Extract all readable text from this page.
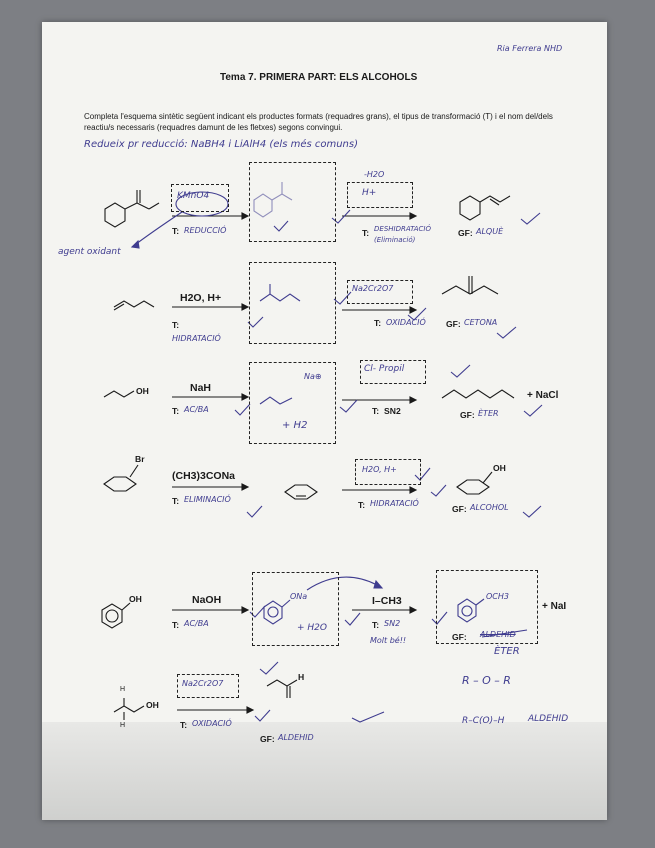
Ria Ferrera NHD
Tema 7. PRIMERA PART: ELS ALCOHOLS
Completa l'esquema sintètic següent indicant els productes formats (requadres grans), el tipus de transformació (T) i el nom del/dels reactiu/s necessaris (requadres damunt de les fletxes) segons convingui.
Redueix pr reducció: NaBH4 i LiAlH4 (els més comuns)
KMnO4
agent oxidant
T: REDUCCIÓ
-H2O
H+
T: DESHIDRATACIÓ (Eliminació)
GF: ALQUÈ
H2O, H+
T:
HIDRATACIÓ
Na2Cr2O7
T: OXIDACIÓ GF: CETONA
OH	NaH
T: AC/BA
Na⊕
+ H2
Cl- Propil
T: SN2
+ NaCl
GF: ÈTER
Br
(CH3)3CONa
T: ELIMINACIÓ
H2O, H+
T: HIDRATACIÓ
OH
GF: ALCOHOL
OH	NaOH
T: AC/BA
ONa
+ H2O
I–CH3
T: SN2
Molt bé!!
OCH3
+ NaI
GF: ALDEHID
ÈTER
R – O – R
H
H
OH
Na2Cr2O7
T: OXIDACIÓ
H
GF: ALDEHID
R–C(O)–H	ALDEHID
